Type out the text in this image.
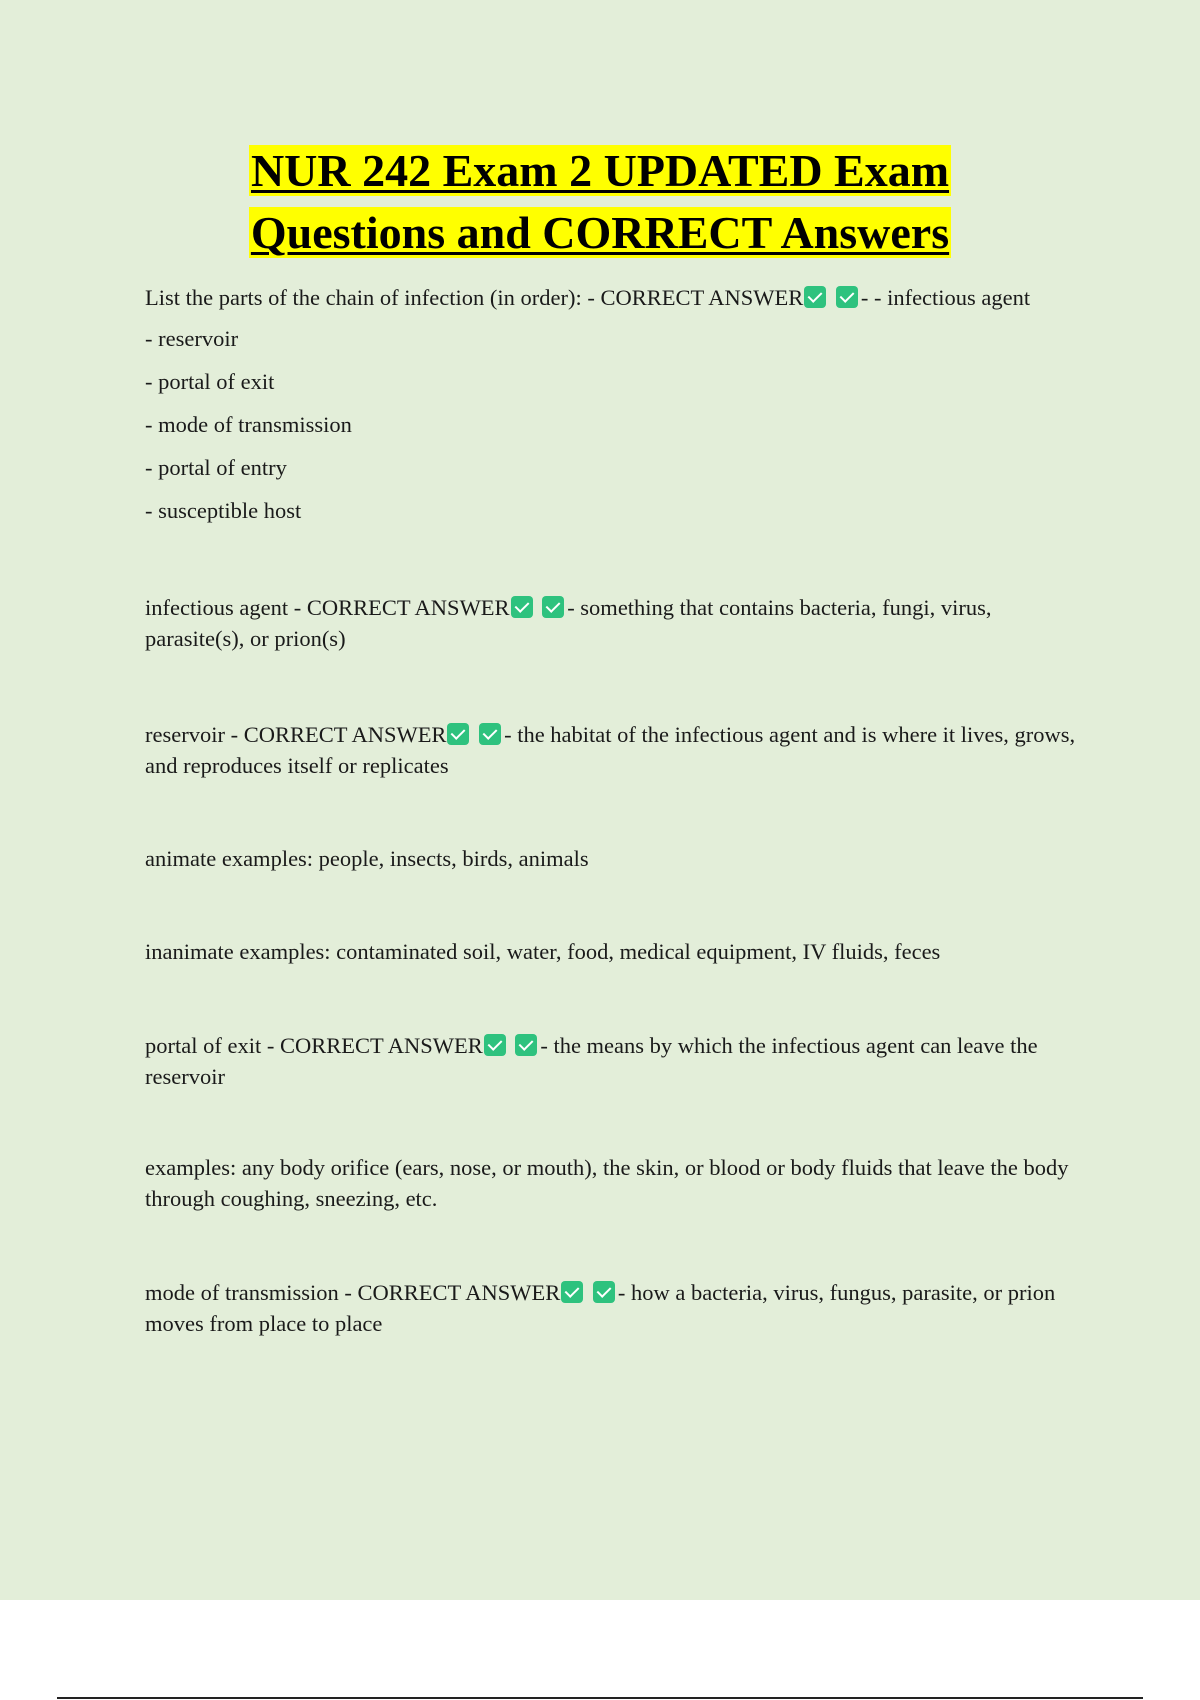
NUR 242 Exam 2 UPDATED Exam
Questions and CORRECT Answers

List the parts of the chain of infection (in order): - CORRECT ANSWER	- - infectious agent

- reservoir

- portal of exit

- mode of transmission

- portal of entry

- susceptible host

infectious agent - CORRECT ANSWER	- something that contains bacteria, fungi, virus, parasite(s), or prion(s)

reservoir - CORRECT ANSWER	- the habitat of the infectious agent and is where it lives, grows, and reproduces itself or replicates

animate examples: people, insects, birds, animals

inanimate examples: contaminated soil, water, food, medical equipment, IV fluids, feces

portal of exit - CORRECT ANSWER	- the means by which the infectious agent can leave the reservoir

examples: any body orifice (ears, nose, or mouth), the skin, or blood or body fluids that leave the body through coughing, sneezing, etc.

mode of transmission - CORRECT ANSWER	- how a bacteria, virus, fungus, parasite, or prion moves from place to place
